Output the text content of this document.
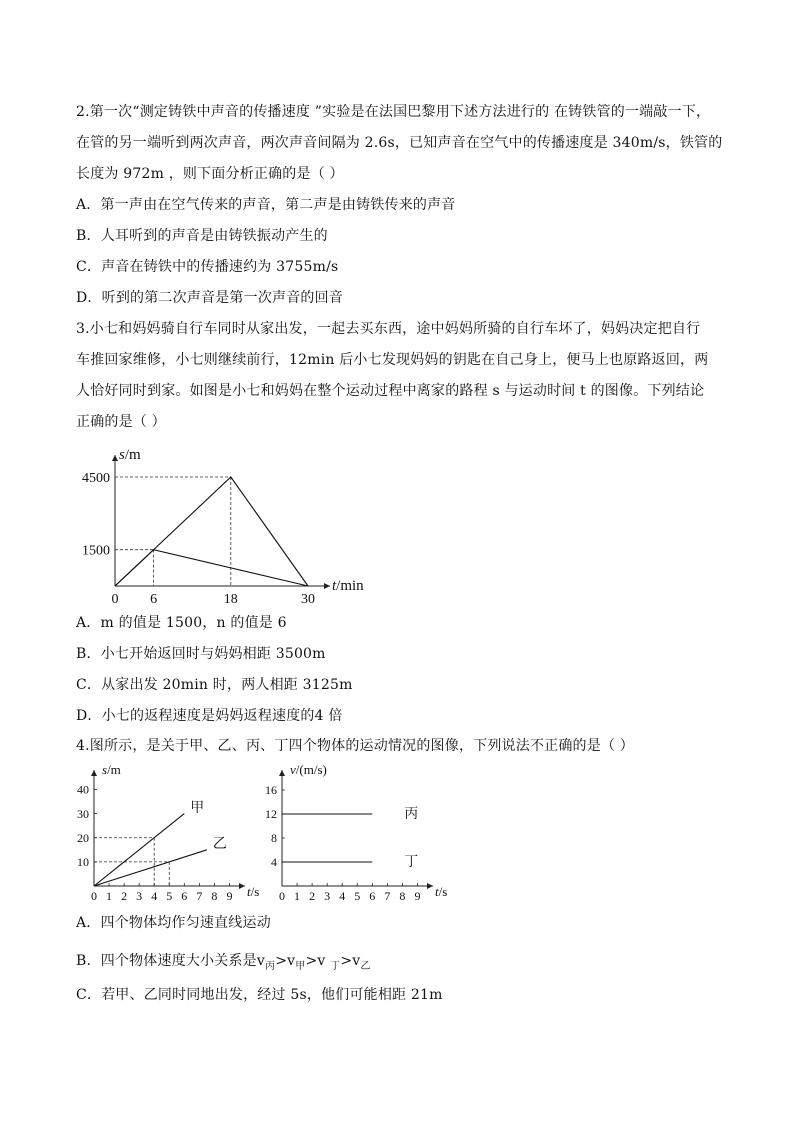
2.第一次“测定铸铁中声音的传播速度 ”实验是在法国巴黎用下述方法进行的 在铸铁管的一端敲一下，
在管的另一端听到两次声音，两次声音间隔为 2.6s，已知声音在空气中的传播速度是 340m/s，铁管的
长度为 972m ，则下面分析正确的是（ ）
A．第一声由在空气传来的声音，第二声是由铸铁传来的声音
B．人耳听到的声音是由铸铁振动产生的
C．声音在铸铁中的传播速约为 3755m/s
D．听到的第二次声音是第一次声音的回音
3.小七和妈妈骑自行车同时从家出发，一起去买东西，途中妈妈所骑的自行车坏了，妈妈决定把自行
车推回家维修，小七则继续前行，12min 后小七发现妈妈的钥匙在自己身上，便马上也原路返回，两
人恰好同时到家。如图是小七和妈妈在整个运动过程中离家的路程 s 与运动时间 t 的图像。下列结论
正确的是（ ）
0 6	18	30
1500
4500
s/m
t/min
A．m 的值是 1500，n 的值是 6
B．小七开始返回时与妈妈相距 3500m
C．从家出发 20min 时，两人相距 3125m
D．小七的返程速度是妈妈返程速度的4 倍
4.图所示，是关于甲、乙、丙、丁四个物体的运动情况的图像，下列说法不正确的是（ ）
0 1 2 3 4 5 6 7 8 9
10
20
30
40
s/m
t/s
甲
乙
0 1 2 3 4 5 6 7 8 9
4
8
12
16
v/(m/s)
t/s
丙
丁
A．四个物体均作匀速直线运动
B．四个物体速度大小关系是$v_丙>v_甲>v$ $_丁>v_乙$
C．若甲、乙同时同地出发，经过 5s，他们可能相距 21m
